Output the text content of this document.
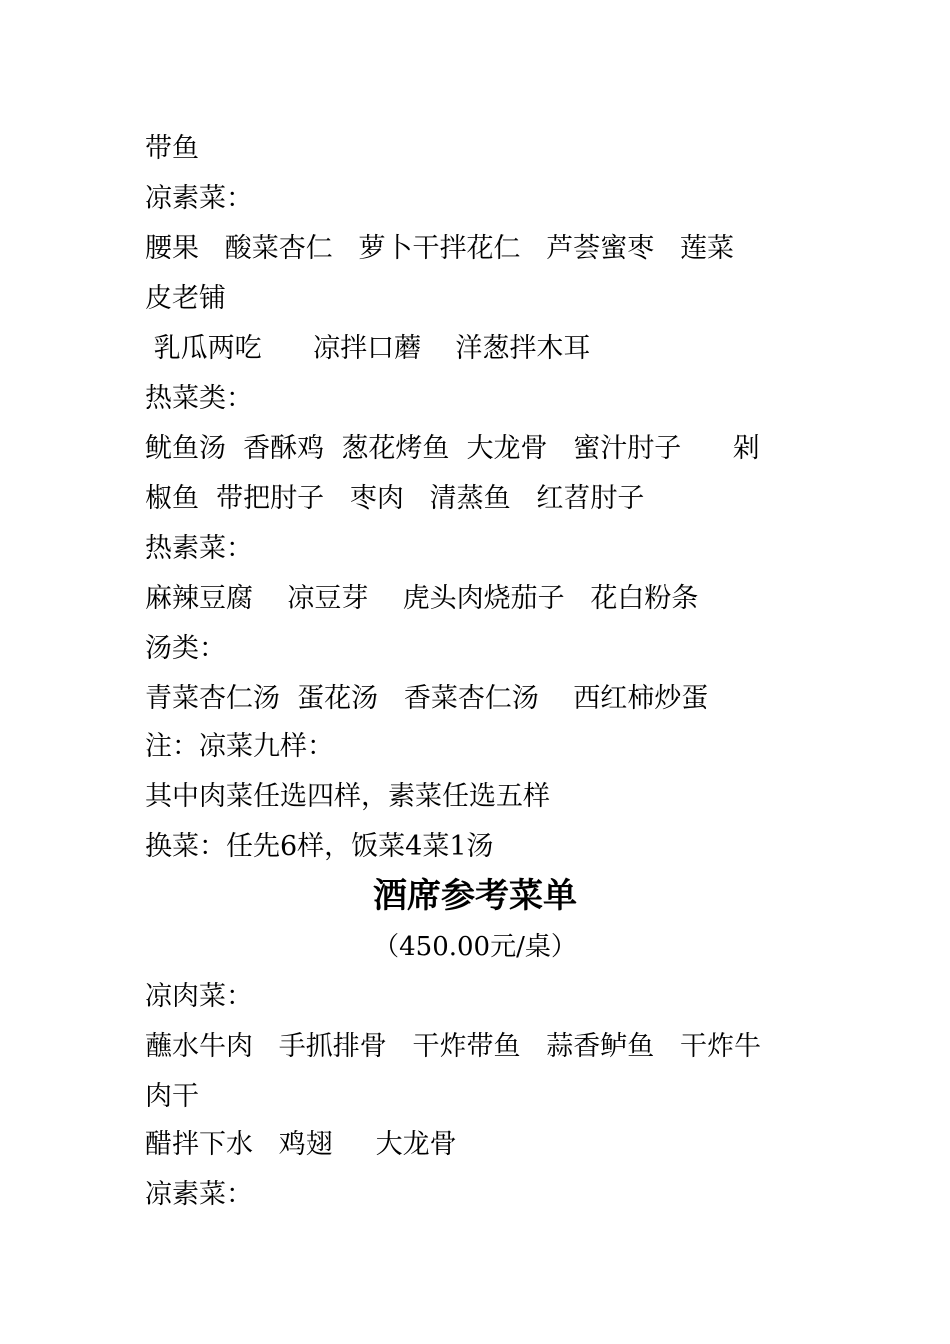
带鱼
凉素菜：
腰果   酸菜杏仁   萝卜干拌花仁   芦荟蜜枣   莲菜
皮老铺
乳瓜两吃      凉拌口蘑    洋葱拌木耳
热菜类：
鱿鱼汤  香酥鸡  葱花烤鱼  大龙骨   蜜汁肘子      剁
椒鱼  带把肘子   枣肉   清蒸鱼   红苕肘子
热素菜：
麻辣豆腐    凉豆芽    虎头肉烧茄子   花白粉条
汤类：
青菜杏仁汤  蛋花汤   香菜杏仁汤    西红柿炒蛋
注：凉菜九样：
其中肉菜任选四样，素菜任选五样
换菜：任先6样，饭菜4菜1汤
酒席参考菜单
（450.00元/桌）
凉肉菜：
蘸水牛肉   手抓排骨   干炸带鱼   蒜香鲈鱼   干炸牛
肉干
醋拌下水   鸡翅     大龙骨
凉素菜：
